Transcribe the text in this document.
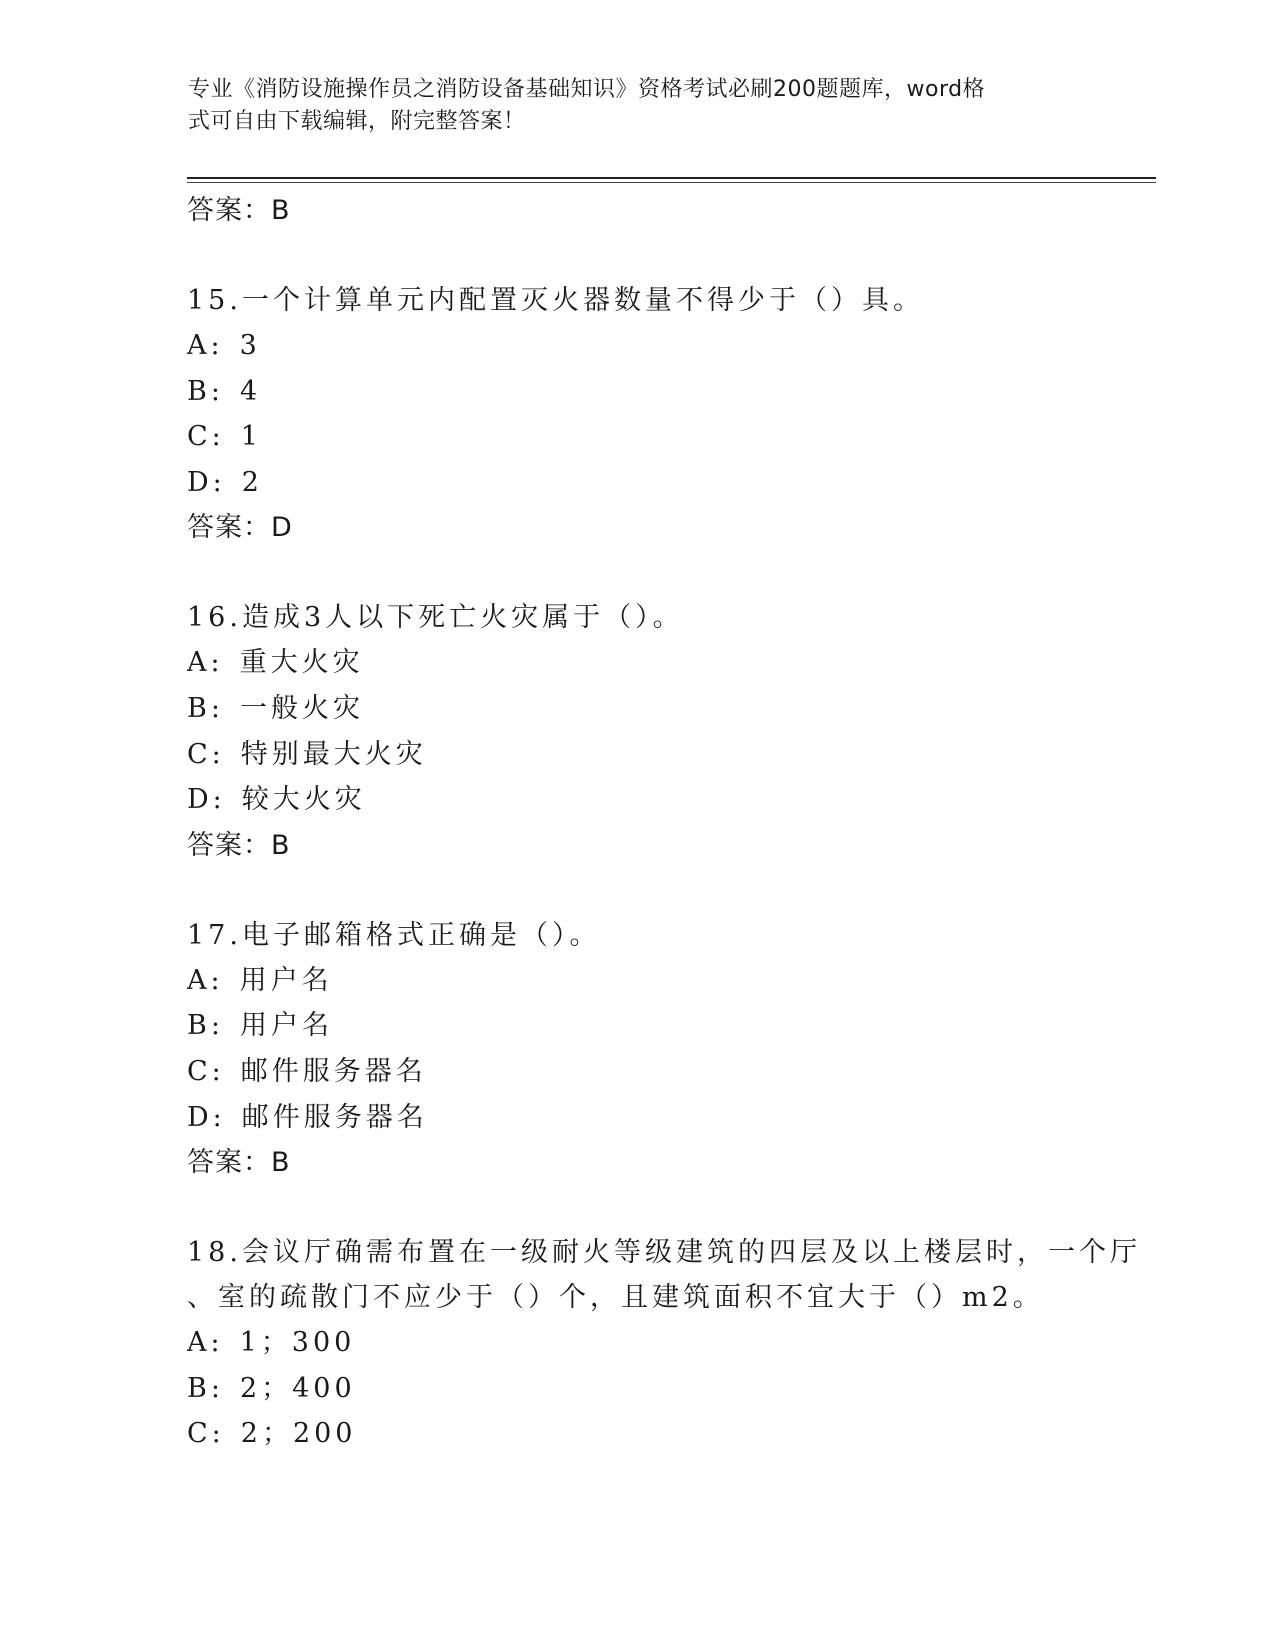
专业《消防设施操作员之消防设备基础知识》资格考试必刷200题题库，word格
式可自由下载编辑，附完整答案！
答案：B
15.一个计算单元内配置灭火器数量不得少于（）具。
A: 3
B: 4
C: 1
D: 2
答案：D
16.造成3人以下死亡火灾属于（）。
A: 重大火灾
B: 一般火灾
C: 特别最大火灾
D: 较大火灾
答案：B
17.电子邮箱格式正确是（）。
A: 用户名
B: 用户名
C: 邮件服务器名
D: 邮件服务器名
答案：B
18.会议厅确需布置在一级耐火等级建筑的四层及以上楼层时，一个厅
、室的疏散门不应少于（）个，且建筑面积不宜大于（）m2。
A: 1；300
B: 2；400
C: 2；200
